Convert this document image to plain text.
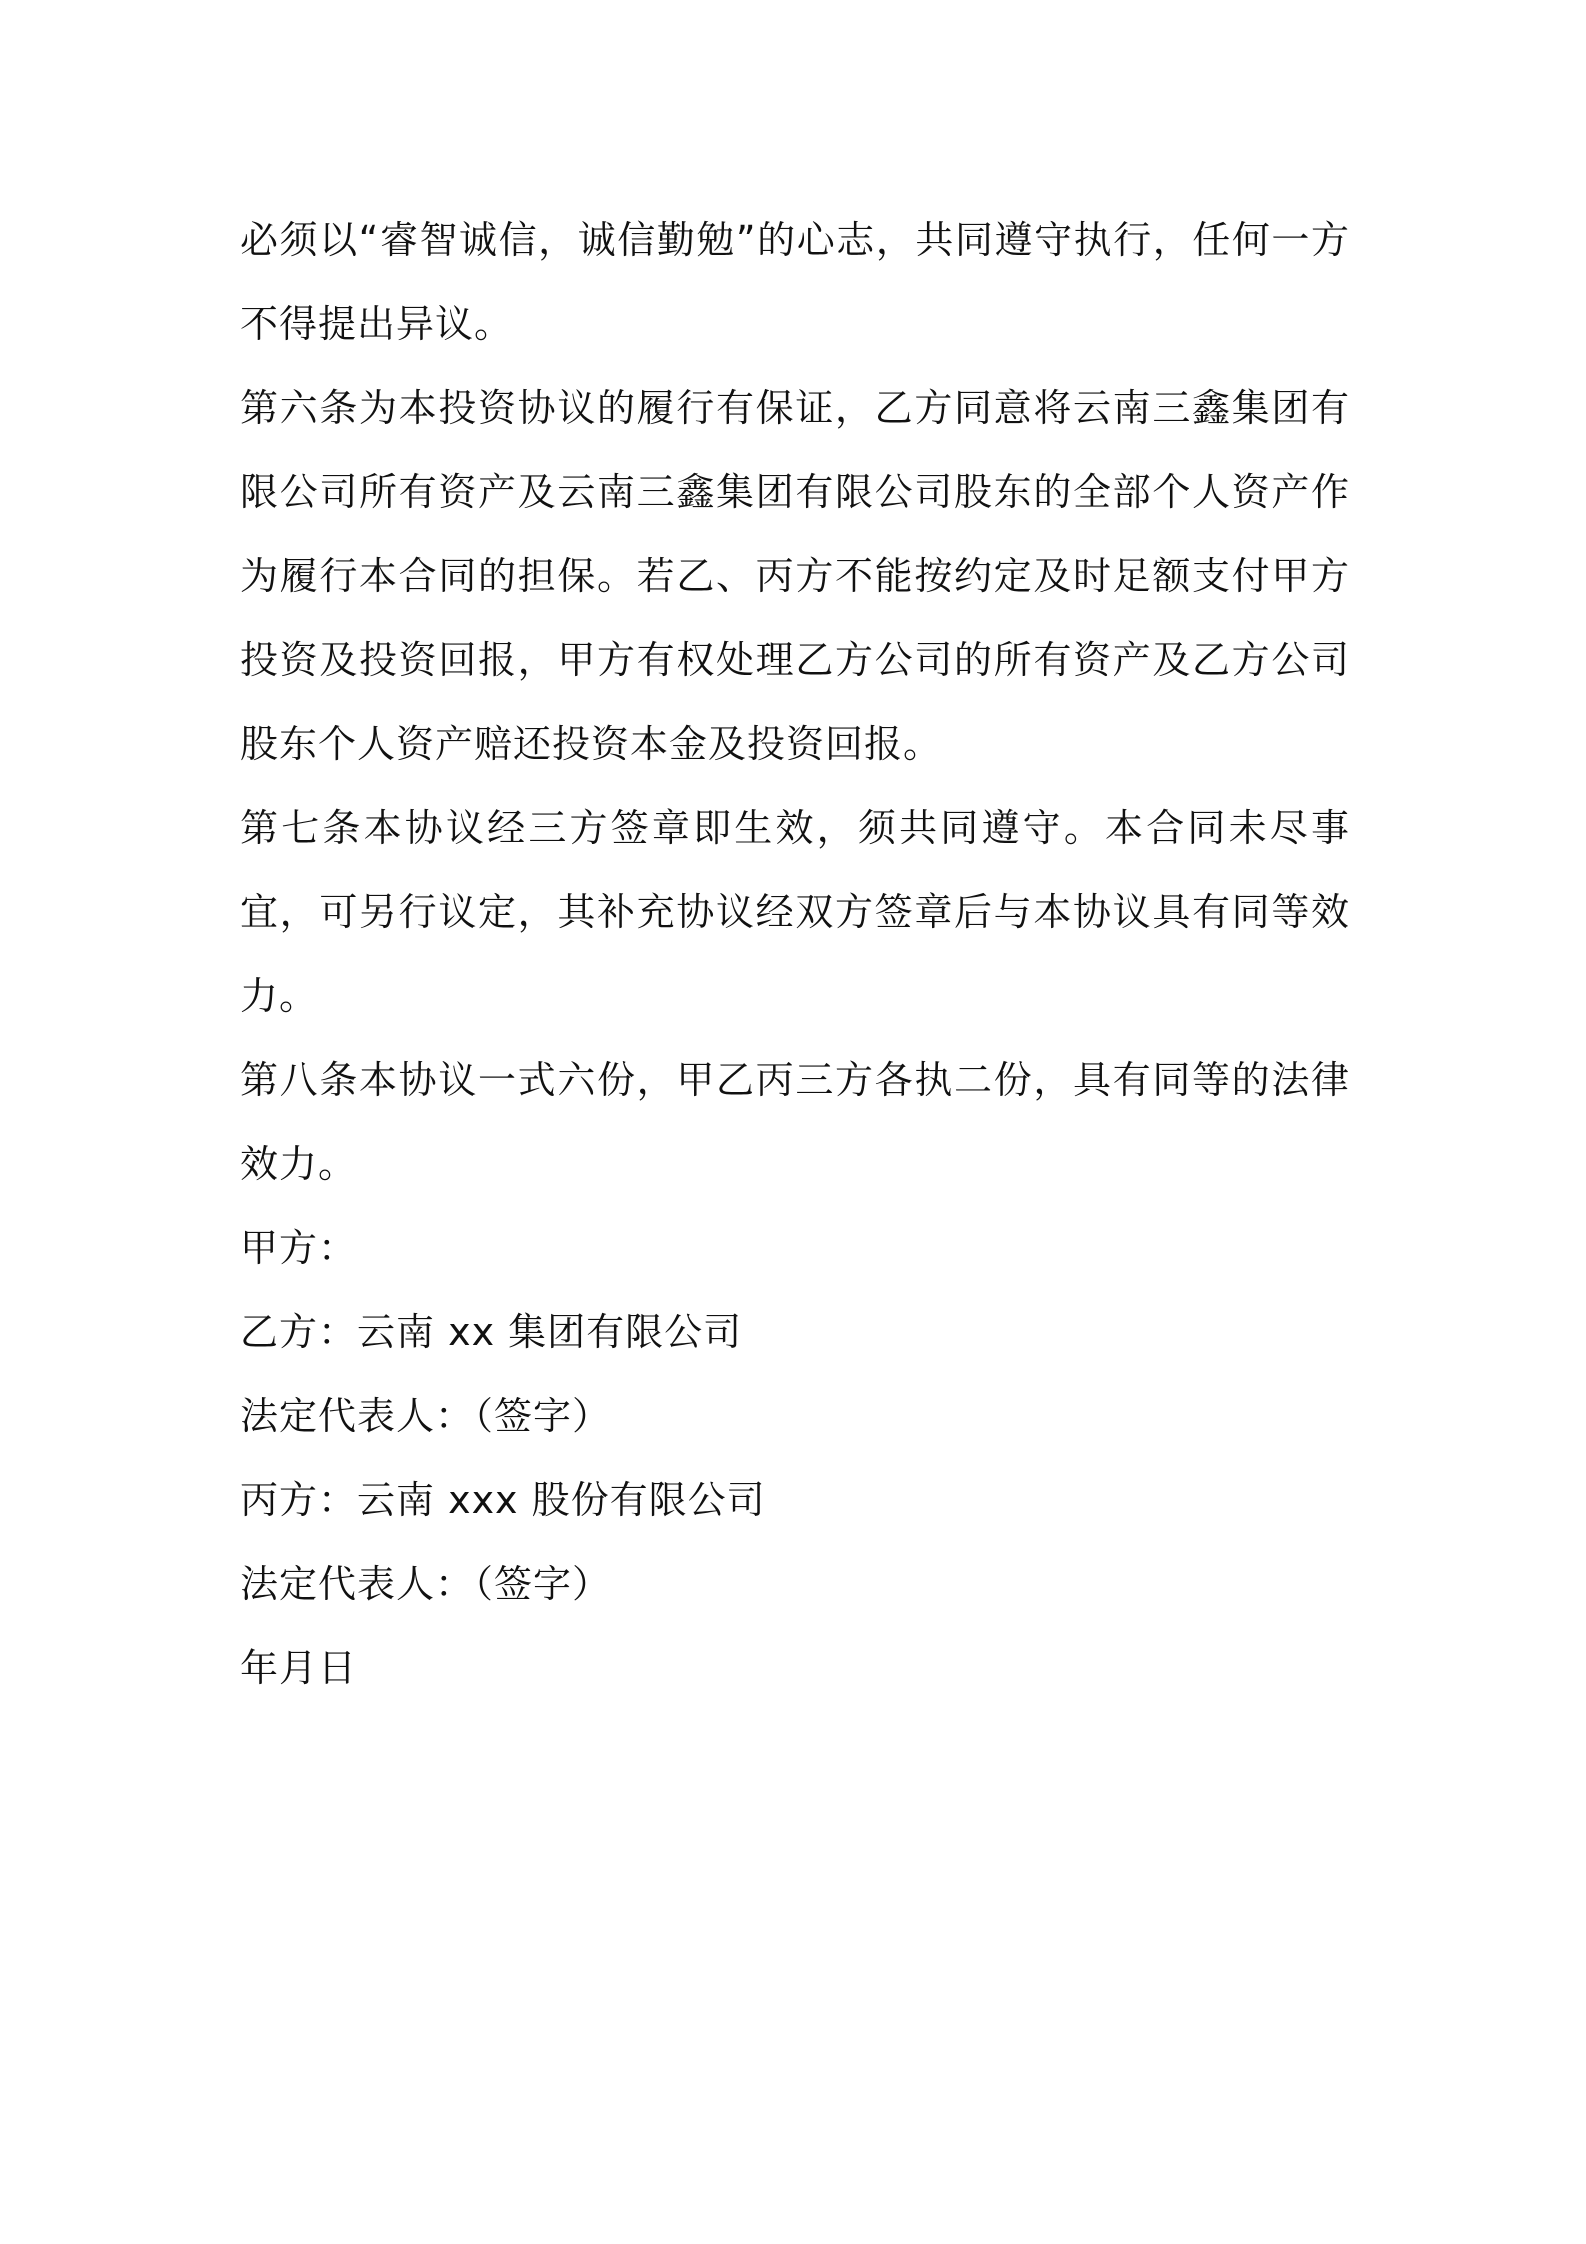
必须以“睿智诚信，诚信勤勉”的心志，共同遵守执行，任何一方不得提出异议。

第六条为本投资协议的履行有保证，乙方同意将云南三鑫集团有限公司所有资产及云南三鑫集团有限公司股东的全部个人资产作为履行本合同的担保。若乙、丙方不能按约定及时足额支付甲方投资及投资回报，甲方有权处理乙方公司的所有资产及乙方公司股东个人资产赔还投资本金及投资回报。

第七条本协议经三方签章即生效，须共同遵守。本合同未尽事宜，可另行议定，其补充协议经双方签章后与本协议具有同等效力。

第八条本协议一式六份，甲乙丙三方各执二份，具有同等的法律效力。

甲方：

乙方：云南 xx 集团有限公司

法定代表人：（签字）

丙方：云南 xxx 股份有限公司

法定代表人：（签字）

年月日
